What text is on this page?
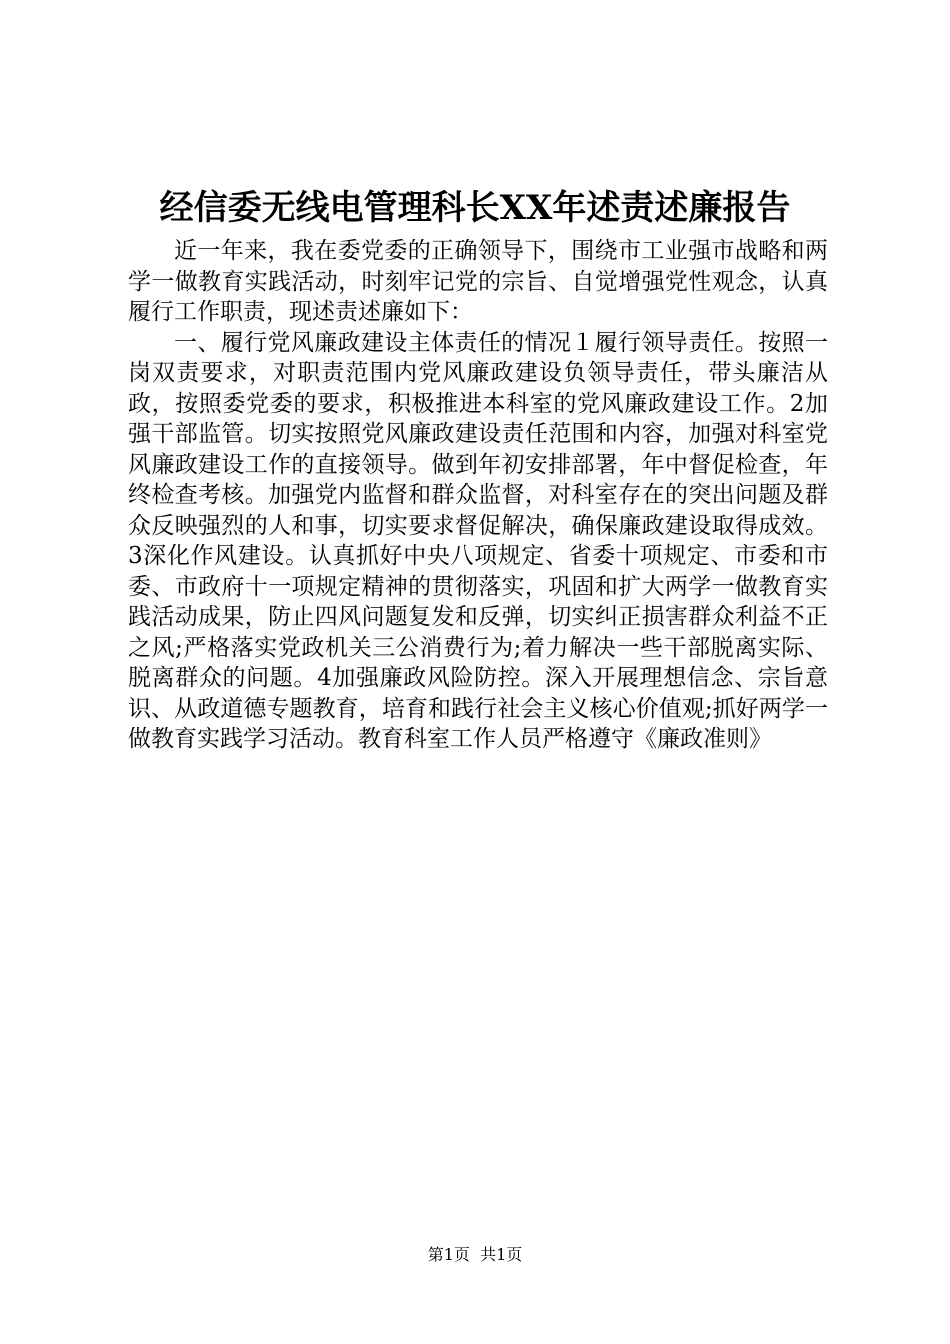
经信委无线电管理科长XX年述责述廉报告

近一年来，我在委党委的正确领导下，围绕市工业强市战略和两学一做教育实践活动，时刻牢记党的宗旨、自觉增强党性观念，认真履行工作职责，现述责述廉如下：

一、履行党风廉政建设主体责任的情况１履行领导责任。按照一岗双责要求，对职责范围内党风廉政建设负领导责任，带头廉洁从政，按照委党委的要求，积极推进本科室的党风廉政建设工作。2加强干部监管。切实按照党风廉政建设责任范围和内容，加强对科室党风廉政建设工作的直接领导。做到年初安排部署，年中督促检查，年终检查考核。加强党内监督和群众监督，对科室存在的突出问题及群众反映强烈的人和事，切实要求督促解决，确保廉政建设取得成效。3深化作风建设。认真抓好中央八项规定、省委十项规定、市委和市委、市政府十一项规定精神的贯彻落实，巩固和扩大两学一做教育实践活动成果，防止四风问题复发和反弹，切实纠正损害群众利益不正之风;严格落实党政机关三公消费行为;着力解决一些干部脱离实际、脱离群众的问题。4加强廉政风险防控。深入开展理想信念、宗旨意识、从政道德专题教育，培育和践行社会主义核心价值观;抓好两学一做教育实践学习活动。教育科室工作人员严格遵守《廉政准则》

第1页  共1页
